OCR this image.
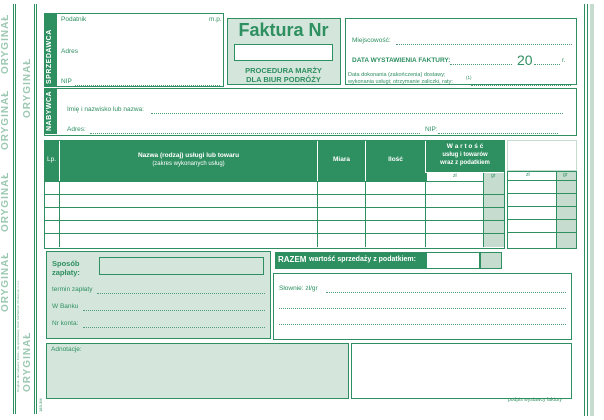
ORYGINAŁ
ORYGINAŁ
ORYGINAŁ
ORYGINAŁ
ORYGINAŁ
ORYGINAŁ
Oryginał - dla nabywcy. Kopia - dla sprzedawcy. Druk: Michalczyk i Prokop sp. z o.o.
183-3M
SPRZEDAWCA
Podatnik	m.p.
Adres
NIP
Faktura Nr
PROCEDURA MARŻY
DLA BIUR PODRÓŻY
Miejscowość:
DATA WYSTAWIENIA FAKTURY:	20	r.
Data dokonania (zakończenia) dostawy;	(1)
wykonania usługi; otrzymanie zaliczki, raty:
NABYWCA Imię i nazwisko lub nazwa:
Adres:	NIP:
Lp.
Nazwa (rodzaj) usługi lub towaru
(zakres wykonanych usług)
Miara	Ilość
W a r t o ś ć
usług i towarów
wraz z podatkiem
zł	gr	zł	gr
Sposób
zapłaty:
termin zapłaty
W Banku
Nr konta:
RAZEM wartość sprzedaży z podatkiem:
Słownie: zł/gr
Adnotacje:
podpis wystawcy faktury
